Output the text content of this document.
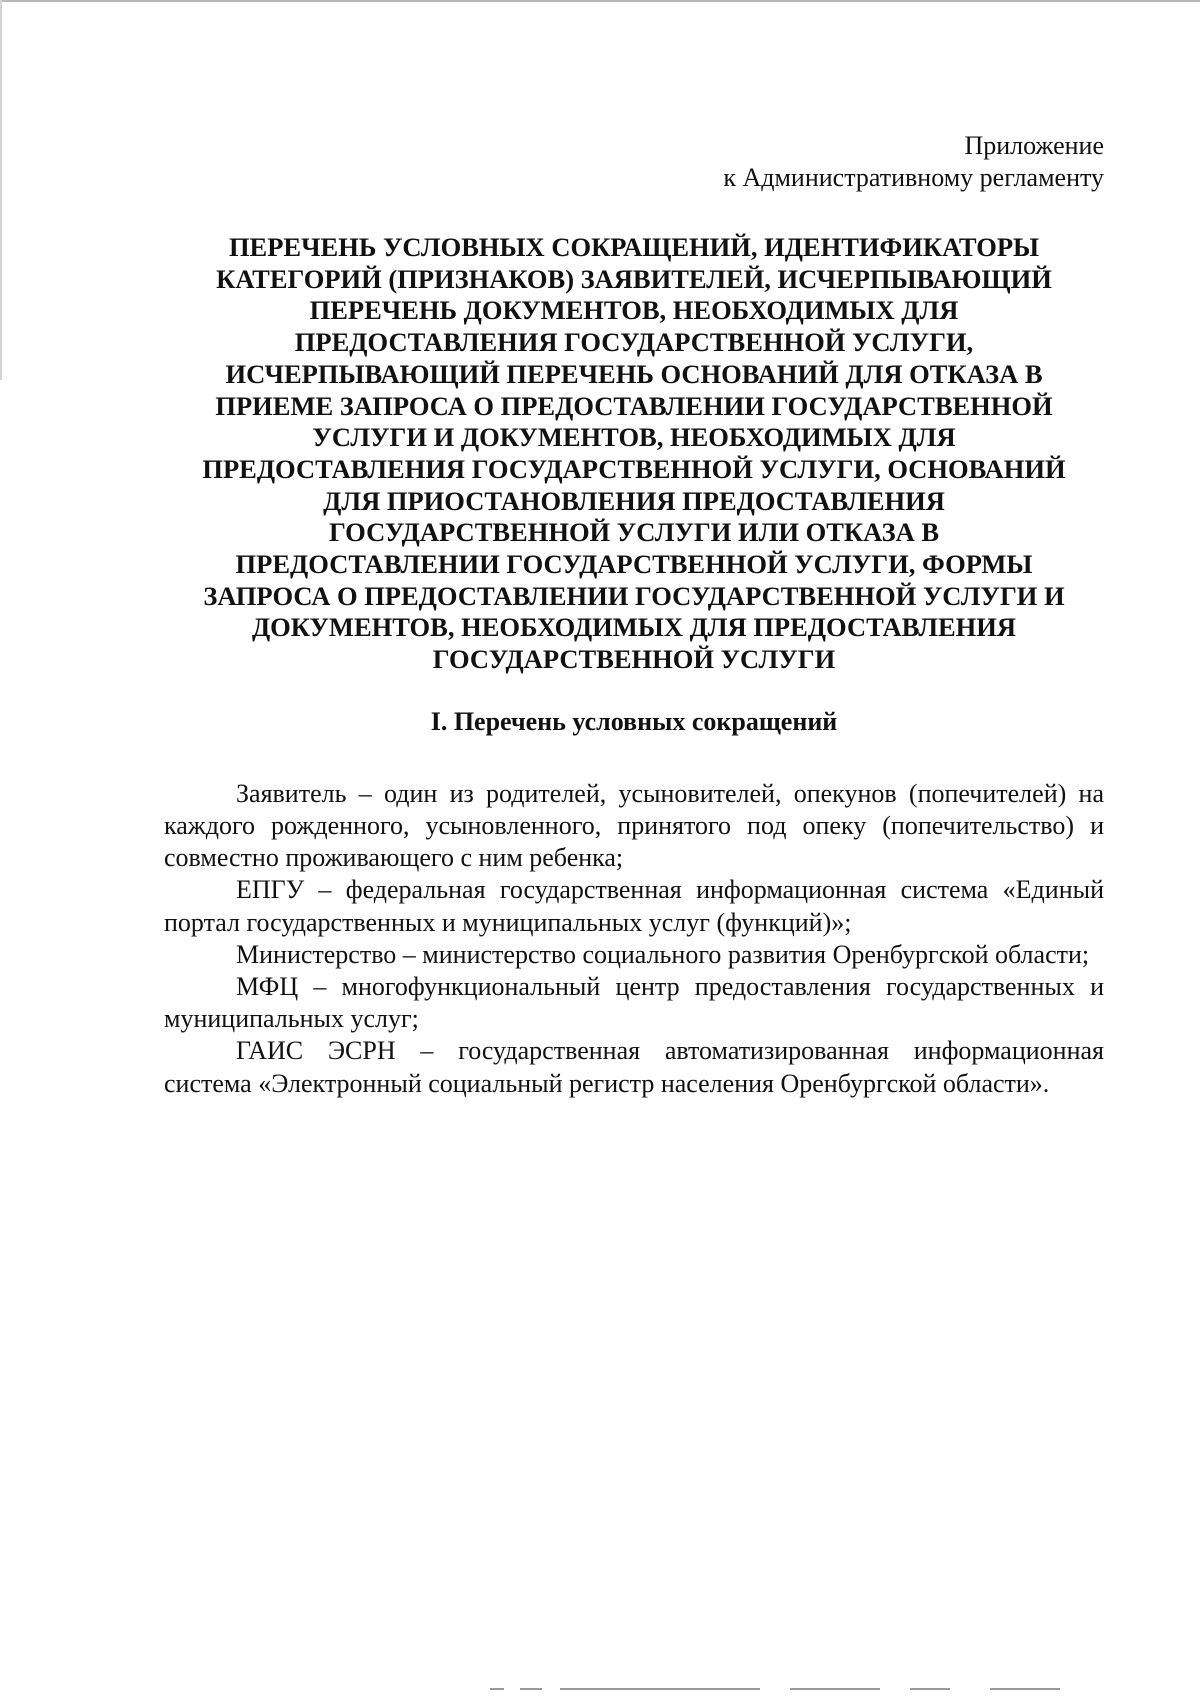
Приложение
к Административному регламенту
ПЕРЕЧЕНЬ УСЛОВНЫХ СОКРАЩЕНИЙ, ИДЕНТИФИКАТОРЫ
КАТЕГОРИЙ (ПРИЗНАКОВ) ЗАЯВИТЕЛЕЙ, ИСЧЕРПЫВАЮЩИЙ
ПЕРЕЧЕНЬ ДОКУМЕНТОВ, НЕОБХОДИМЫХ ДЛЯ
ПРЕДОСТАВЛЕНИЯ ГОСУДАРСТВЕННОЙ УСЛУГИ,
ИСЧЕРПЫВАЮЩИЙ ПЕРЕЧЕНЬ ОСНОВАНИЙ ДЛЯ ОТКАЗА В
ПРИЕМЕ ЗАПРОСА О ПРЕДОСТАВЛЕНИИ ГОСУДАРСТВЕННОЙ
УСЛУГИ И ДОКУМЕНТОВ, НЕОБХОДИМЫХ ДЛЯ
ПРЕДОСТАВЛЕНИЯ ГОСУДАРСТВЕННОЙ УСЛУГИ, ОСНОВАНИЙ
ДЛЯ ПРИОСТАНОВЛЕНИЯ ПРЕДОСТАВЛЕНИЯ
ГОСУДАРСТВЕННОЙ УСЛУГИ ИЛИ ОТКАЗА В
ПРЕДОСТАВЛЕНИИ ГОСУДАРСТВЕННОЙ УСЛУГИ, ФОРМЫ
ЗАПРОСА О ПРЕДОСТАВЛЕНИИ ГОСУДАРСТВЕННОЙ УСЛУГИ И
ДОКУМЕНТОВ, НЕОБХОДИМЫХ ДЛЯ ПРЕДОСТАВЛЕНИЯ
ГОСУДАРСТВЕННОЙ УСЛУГИ
I. Перечень условных сокращений

Заявитель – один из родителей, усыновителей, опекунов (попечителей) на каждого рожденного, усыновленного, принятого под опеку (попечительство) и совместно проживающего с ним ребенка;

ЕПГУ – федеральная государственная информационная система «Единый портал государственных и муниципальных услуг (функций)»;

Министерство – министерство социального развития Оренбургской области;

МФЦ – многофункциональный центр предоставления государственных и муниципальных услуг;

ГАИС ЭСРН – государственная автоматизированная информационная система «Электронный социальный регистр населения Оренбургской области».
